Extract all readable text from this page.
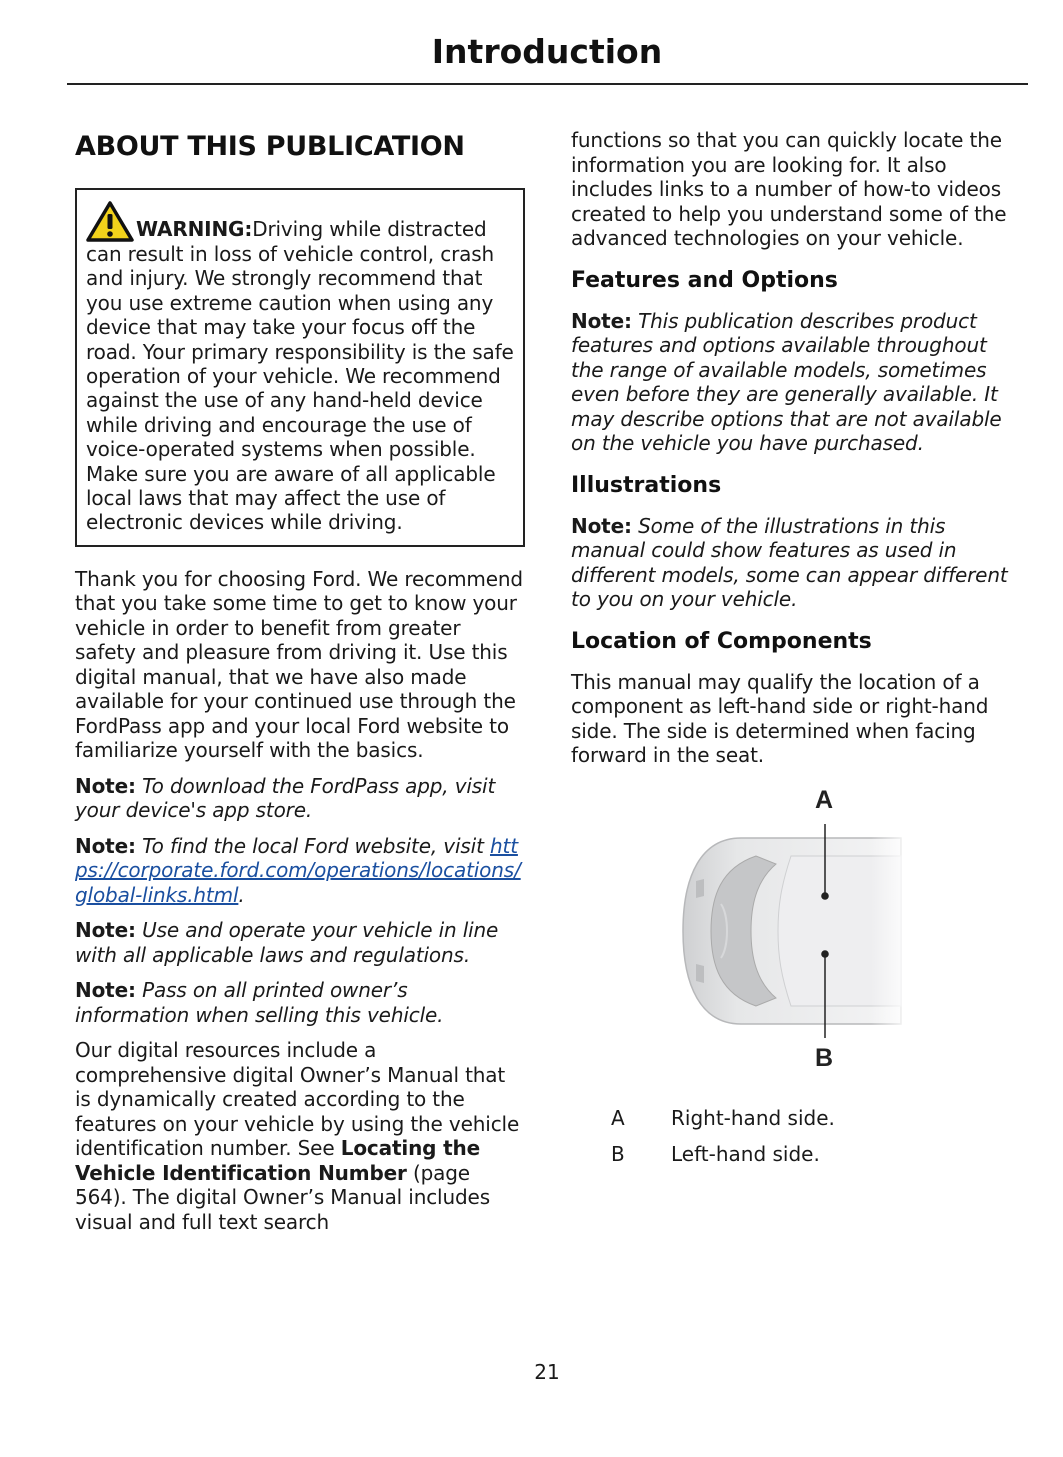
Introduction
ABOUT THIS PUBLICATION

WARNING:Driving while distracted can result in loss of vehicle control, crash and injury. We strongly recommend that you use extreme caution when using any device that may take your focus off the road. Your primary responsibility is the safe operation of your vehicle. We recommend against the use of any hand-held device while driving and encourage the use of voice-operated systems when possible. Make sure you are aware of all applicable local laws that may affect the use of electronic devices while driving.

Thank you for choosing Ford. We recommend that you take some time to get to know your vehicle in order to benefit from greater safety and pleasure from driving it. Use this digital manual, that we have also made available for your continued use through the FordPass app and your local Ford website to familiarize yourself with the basics.

Note: To download the FordPass app, visit your device's app store.

Note: To find the local Ford website, visit https://corporate.ford.com/operations/locations/global-links.html.

Note: Use and operate your vehicle in line with all applicable laws and regulations.

Note: Pass on all printed owner’s information when selling this vehicle.

Our digital resources include a comprehensive digital Owner’s Manual that is dynamically created according to the features on your vehicle by using the vehicle identification number. See Locating the Vehicle Identification Number (page 564). The digital Owner’s Manual includes visual and full text search

functions so that you can quickly locate the information you are looking for. It also includes links to a number of how-to videos created to help you understand some of the advanced technologies on your vehicle.

Features and Options

Note: This publication describes product features and options available throughout the range of available models, sometimes even before they are generally available. It may describe options that are not available on the vehicle you have purchased.

Illustrations

Note: Some of the illustrations in this manual could show features as used in different models, some can appear different to you on your vehicle.

Location of Components

This manual may qualify the location of a component as left-hand side or right-hand side. The side is determined when facing forward in the seat.

A
B
A	Right-hand side.
B	Left-hand side.
21
